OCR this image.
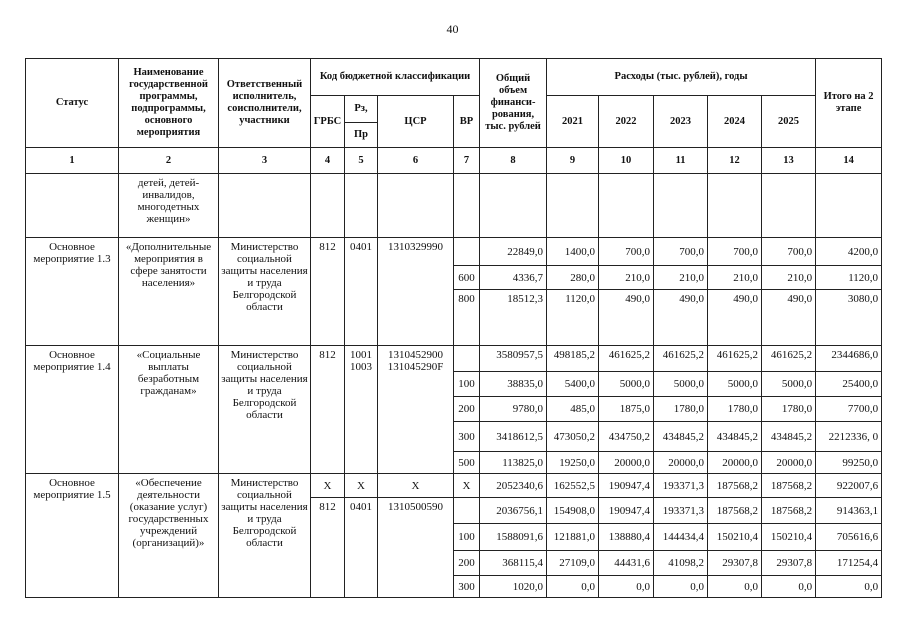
40
Статус	Наименование государственной программы, подпрограммы, основного мероприятия	Ответственный исполнитель, соисполнители, участники	Код бюджетной классификации				Общий объем финанси-рования, тыс. рублей	Расходы (тыс. рублей), годы					Итого на 2 этапе
			ГРБС	Рз,	ЦСР	ВР		2021	2022	2023	2024	2025	
				Пр									
1	2	3	4	5	6	7	8	9	10	11	12	13	14
	детей, детей-инвалидов, многодетных женщин»												
Основное мероприятие 1.3	«Дополнительные мероприятия в сфере занятости населения»	Министерство социальной защиты населения и труда Белгородской области	812	0401	1310329990		22849,0	1400,0	700,0	700,0	700,0	700,0	4200,0
						600	4336,7	280,0	210,0	210,0	210,0	210,0	1120,0
						800	18512,3	1120,0	490,0	490,0	490,0	490,0	3080,0
Основное мероприятие 1.4	«Социальные выплаты безработным гражданам»	Министерство социальной защиты населения и труда Белгородской области	812	1001 1003	1310452900 131045290F		3580957,5	498185,2	461625,2	461625,2	461625,2	461625,2	2344686,0
						100	38835,0	5400,0	5000,0	5000,0	5000,0	5000,0	25400,0
						200	9780,0	485,0	1875,0	1780,0	1780,0	1780,0	7700,0
						300	3418612,5	473050,2	434750,2	434845,2	434845,2	434845,2	2212336, 0
						500	113825,0	19250,0	20000,0	20000,0	20000,0	20000,0	99250,0
Основное мероприятие 1.5	«Обеспечение деятельности (оказание услуг) государственных учреждений (организаций)»	Министерство социальной защиты населения и труда Белгородской области	Х	Х	Х	Х	2052340,6	162552,5	190947,4	193371,3	187568,2	187568,2	922007,6
			812	0401	1310500590		2036756,1	154908,0	190947,4	193371,3	187568,2	187568,2	914363,1
						100	1588091,6	121881,0	138880,4	144434,4	150210,4	150210,4	705616,6
						200	368115,4	27109,0	44431,6	41098,2	29307,8	29307,8	171254,4
						300	1020,0	0,0	0,0	0,0	0,0	0,0	0,0
